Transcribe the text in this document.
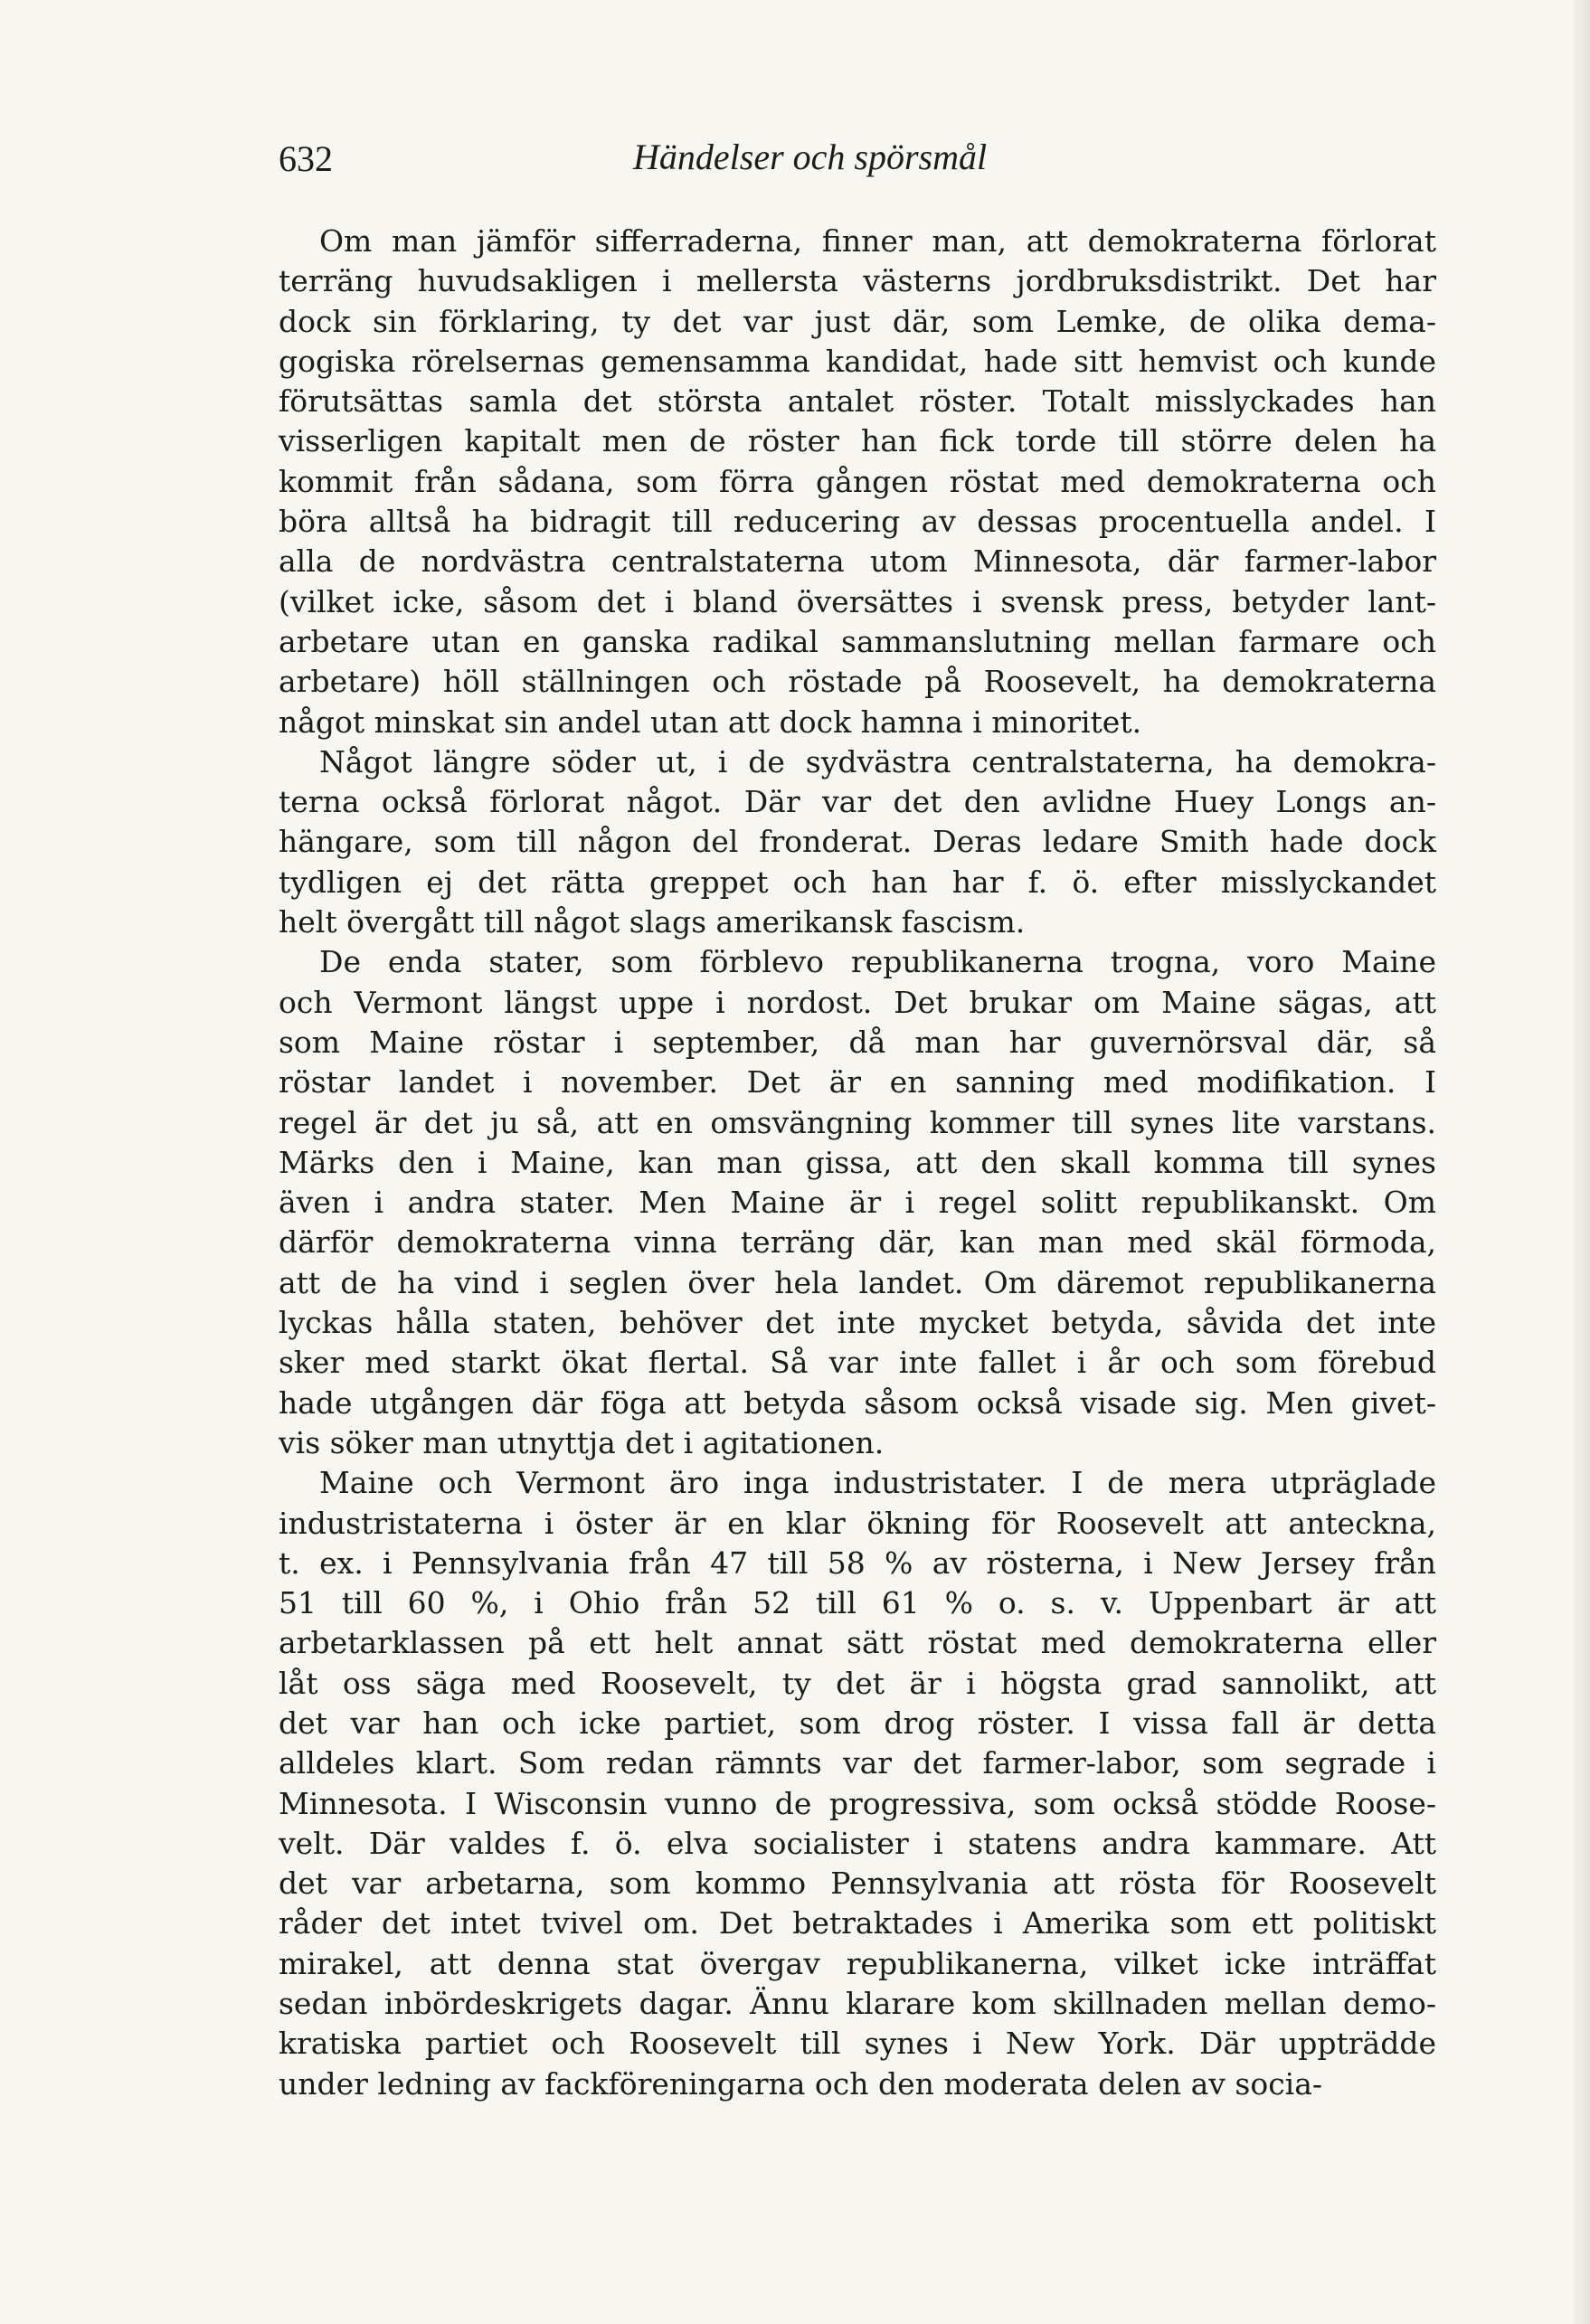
632	Händelser och spörsmål

Om man jämför sifferraderna, finner man, att demokraterna förlorat
terräng huvudsakligen i mellersta västerns jordbruksdistrikt. Det har
dock sin förklaring, ty det var just där, som Lemke, de olika dema-
gogiska rörelsernas gemensamma kandidat, hade sitt hemvist och kunde
förutsättas samla det största antalet röster. Totalt misslyckades han
visserligen kapitalt men de röster han fick torde till större delen ha
kommit från sådana, som förra gången röstat med demokraterna och
böra alltså ha bidragit till reducering av dessas procentuella andel. I
alla de nordvästra centralstaterna utom Minnesota, där farmer-labor
(vilket icke, såsom det i bland översättes i svensk press, betyder lant-
arbetare utan en ganska radikal sammanslutning mellan farmare och
arbetare) höll ställningen och röstade på Roosevelt, ha demokraterna
något minskat sin andel utan att dock hamna i minoritet.
Något längre söder ut, i de sydvästra centralstaterna, ha demokra-
terna också förlorat något. Där var det den avlidne Huey Longs an-
hängare, som till någon del fronderat. Deras ledare Smith hade dock
tydligen ej det rätta greppet och han har f. ö. efter misslyckandet
helt övergått till något slags amerikansk fascism.
De enda stater, som förblevo republikanerna trogna, voro Maine
och Vermont längst uppe i nordost. Det brukar om Maine sägas, att
som Maine röstar i september, då man har guvernörsval där, så
röstar landet i november. Det är en sanning med modifikation. I
regel är det ju så, att en omsvängning kommer till synes lite varstans.
Märks den i Maine, kan man gissa, att den skall komma till synes
även i andra stater. Men Maine är i regel solitt republikanskt. Om
därför demokraterna vinna terräng där, kan man med skäl förmoda,
att de ha vind i seglen över hela landet. Om däremot republikanerna
lyckas hålla staten, behöver det inte mycket betyda, såvida det inte
sker med starkt ökat flertal. Så var inte fallet i år och som förebud
hade utgången där föga att betyda såsom också visade sig. Men givet-
vis söker man utnyttja det i agitationen.
Maine och Vermont äro inga industristater. I de mera utpräglade
industristaterna i öster är en klar ökning för Roosevelt att anteckna,
t. ex. i Pennsylvania från 47 till 58 % av rösterna, i New Jersey från
51 till 60 %, i Ohio från 52 till 61 % o. s. v. Uppenbart är att
arbetarklassen på ett helt annat sätt röstat med demokraterna eller
låt oss säga med Roosevelt, ty det är i högsta grad sannolikt, att
det var han och icke partiet, som drog röster. I vissa fall är detta
alldeles klart. Som redan rämnts var det farmer-labor, som segrade i
Minnesota. I Wisconsin vunno de progressiva, som också stödde Roose-
velt. Där valdes f. ö. elva socialister i statens andra kammare. Att
det var arbetarna, som kommo Pennsylvania att rösta för Roosevelt
råder det intet tvivel om. Det betraktades i Amerika som ett politiskt
mirakel, att denna stat övergav republikanerna, vilket icke inträffat
sedan inbördeskrigets dagar. Ännu klarare kom skillnaden mellan demo-
kratiska partiet och Roosevelt till synes i New York. Där uppträdde
under ledning av fackföreningarna och den moderata delen av socia-
